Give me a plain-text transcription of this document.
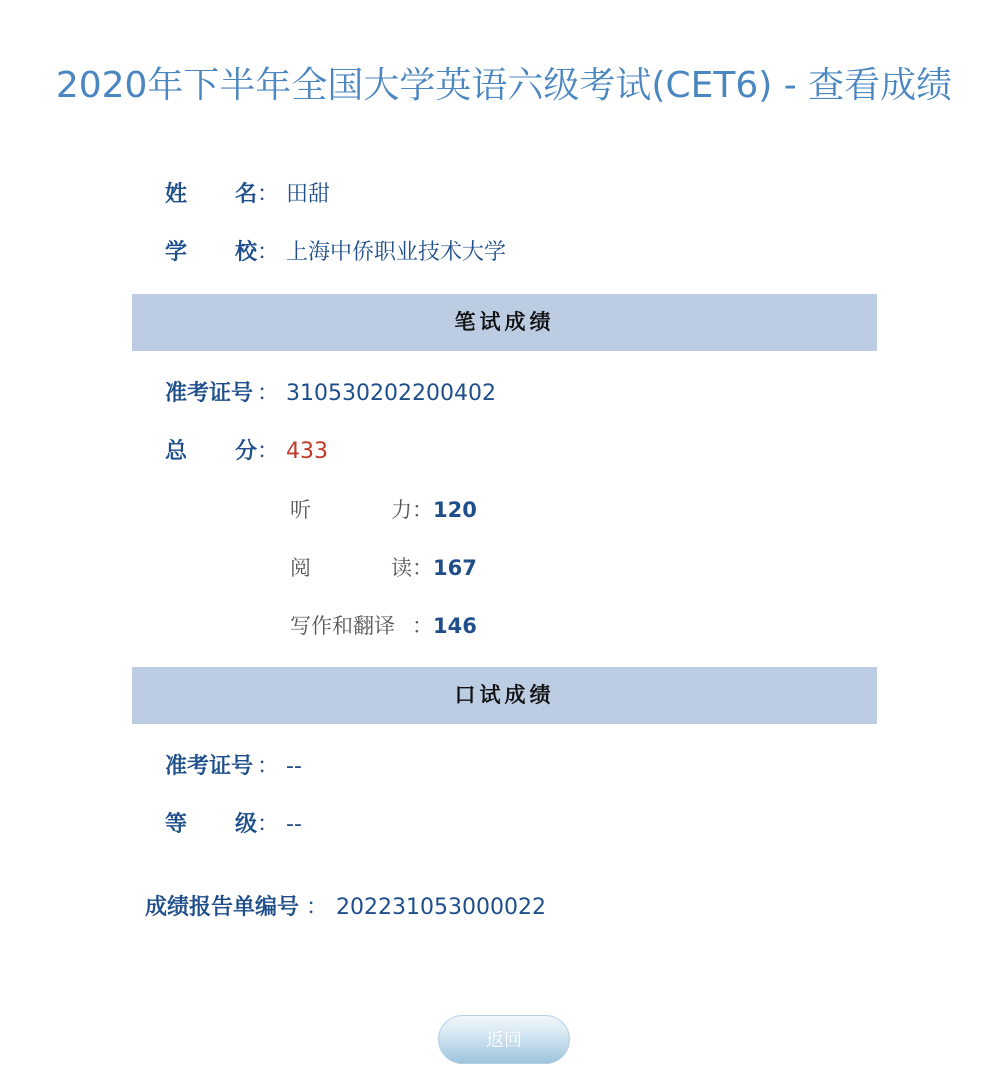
2020年下半年全国大学英语六级考试(CET6) - 查看成绩
姓 名 ： 田甜
学 校 ： 上海中侨职业技术大学
笔试成绩
准考证号 ： 310530202200402
总 分 ： 433
听	力 ： 120
阅	读 ： 167
写作和翻译 ： 146
口试成绩
准考证号 ： --
等 级 ： --
成绩报告单编号 ： 202231053000022
返回
